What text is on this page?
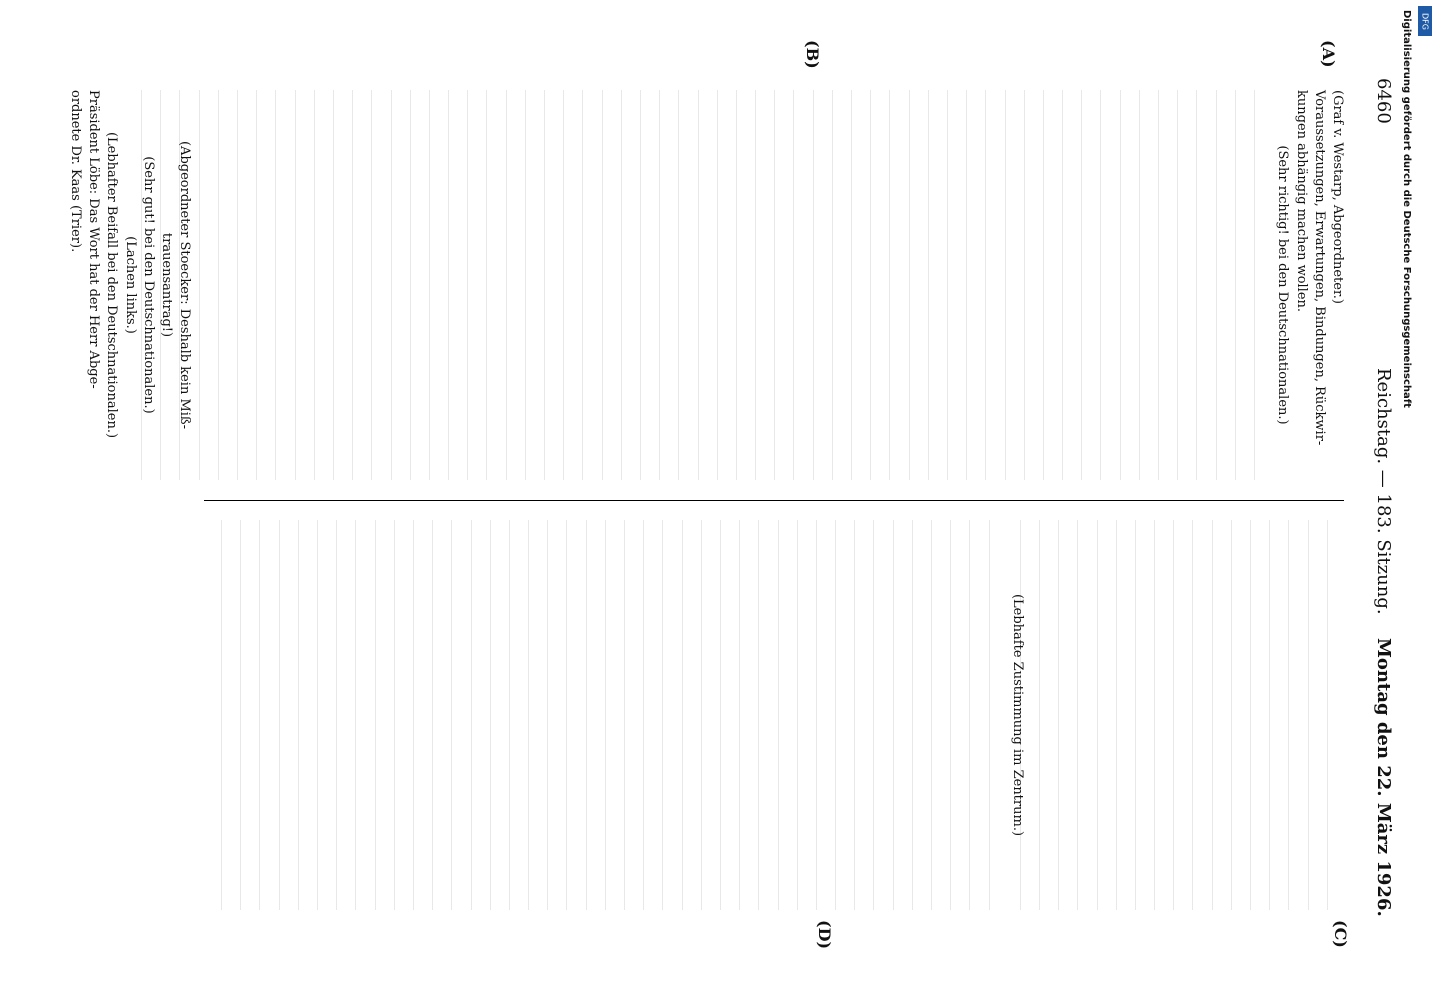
6460
Reichstag. — 183. Sitzung.
Montag den 22. März 1926.
(A)
(B)
(C)
(D)

(Graf v. Westarp, Abgeordneter.)

Voraussetzungen, Erwartungen, Bindungen, Rückwir-

kungen abhängig machen wollen.

(Sehr richtig! bei den Deutschnationalen.)

(Abgeordneter Stoecker: Deshalb kein Miß-

trauensantrag!)

(Sehr gut! bei den Deutschnationalen.)

(Lachen links.)

(Lebhafter Beifall bei den Deutschnationalen.)

Präsident Löbe: Das Wort hat der Herr Abge-

ordnete Dr. Kaas (Trier).

(Lebhafte Zustimmung im Zentrum.)

Digitalisierung gefördert durch die Deutsche Forschungsgemeinschaft	DFG
